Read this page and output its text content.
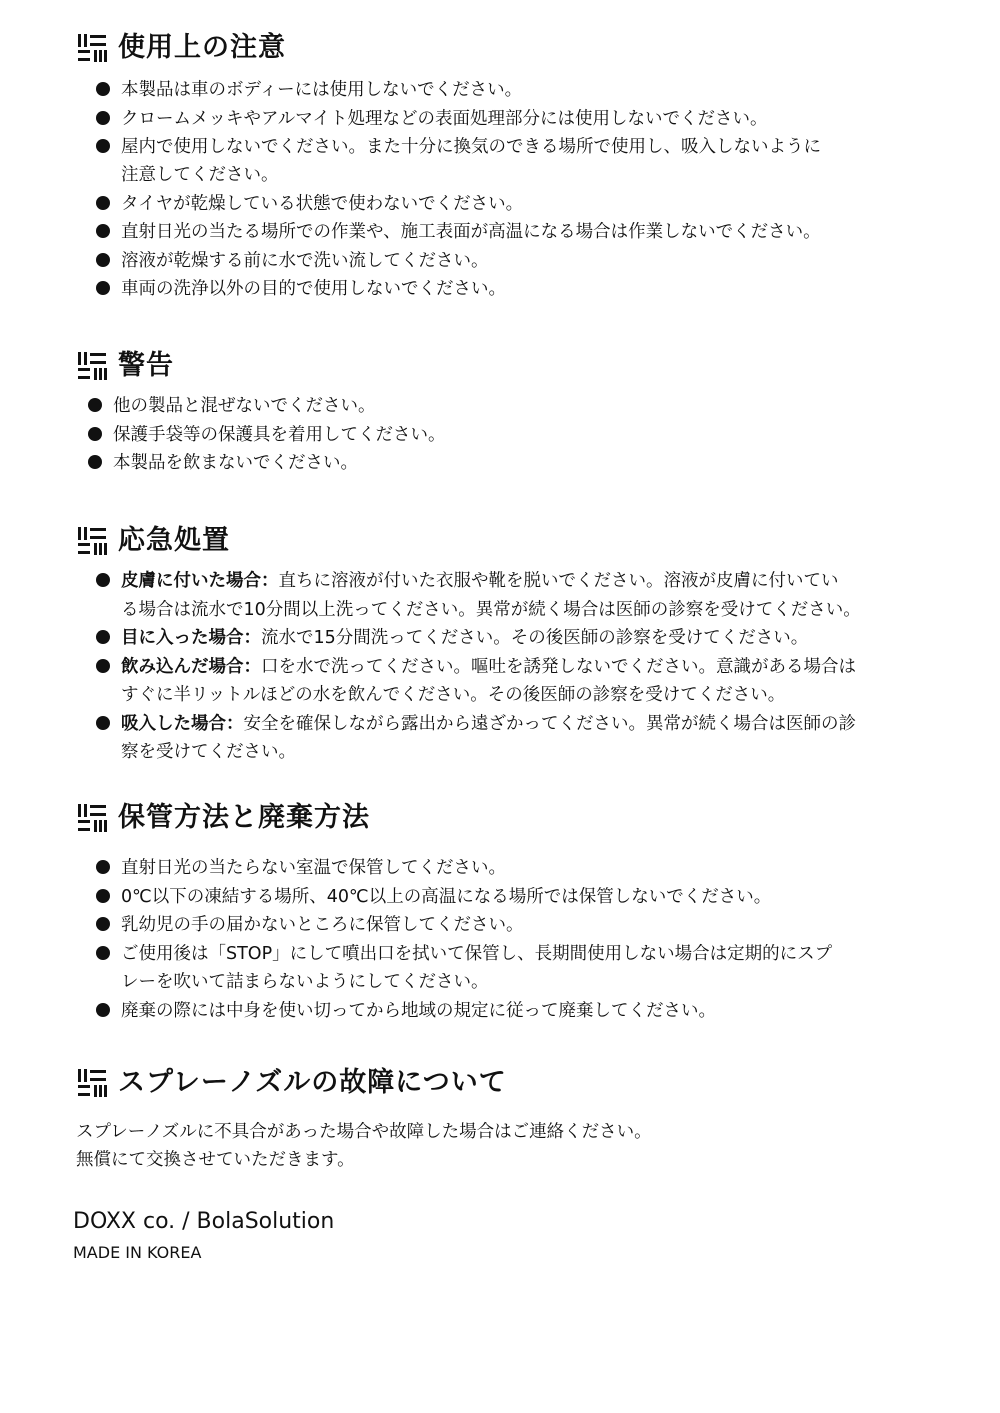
使用上の注意
本製品は車のボディーには使用しないでください。
クロームメッキやアルマイト処理などの表面処理部分には使用しないでください。
屋内で使用しないでください。また十分に換気のできる場所で使用し、吸入しないように
注意してください。
タイヤが乾燥している状態で使わないでください。
直射日光の当たる場所での作業や、施工表面が高温になる場合は作業しないでください。
溶液が乾燥する前に水で洗い流してください。
車両の洗浄以外の目的で使用しないでください。
警告
他の製品と混ぜないでください。
保護手袋等の保護具を着用してください。
本製品を飲まないでください。
応急処置
皮膚に付いた場合：直ちに溶液が付いた衣服や靴を脱いでください。溶液が皮膚に付いてい
る場合は流水で10分間以上洗ってください。異常が続く場合は医師の診察を受けてください。
目に入った場合：流水で15分間洗ってください。その後医師の診察を受けてください。
飲み込んだ場合：口を水で洗ってください。嘔吐を誘発しないでください。意識がある場合は
すぐに半リットルほどの水を飲んでください。その後医師の診察を受けてください。
吸入した場合：安全を確保しながら露出から遠ざかってください。異常が続く場合は医師の診
察を受けてください。
保管方法と廃棄方法
直射日光の当たらない室温で保管してください。
0℃以下の凍結する場所、40℃以上の高温になる場所では保管しないでください。
乳幼児の手の届かないところに保管してください。
ご使用後は「STOP」にして噴出口を拭いて保管し、長期間使用しない場合は定期的にスプ
レーを吹いて詰まらないようにしてください。
廃棄の際には中身を使い切ってから地域の規定に従って廃棄してください。
スプレーノズルの故障について
スプレーノズルに不具合があった場合や故障した場合はご連絡ください。
無償にて交換させていただきます。
DOXX co. / BolaSolution
MADE IN KOREA
